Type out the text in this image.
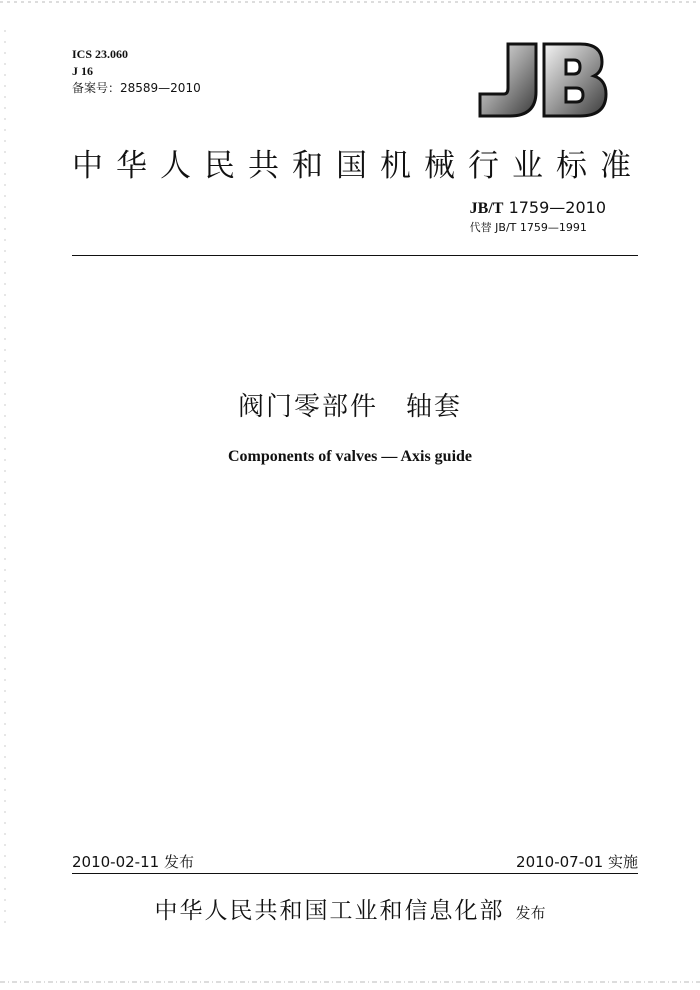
ICS 23.060
J 16
备案号：28589—2010
中华人民共和国机械行业标准
JB/T 1759—2010
代替 JB/T 1759—1991
阀门零部件　轴套
Components of valves — Axis guide
2010-02-11 发布	2010-07-01 实施
中华人民共和国工业和信息化部 发布
